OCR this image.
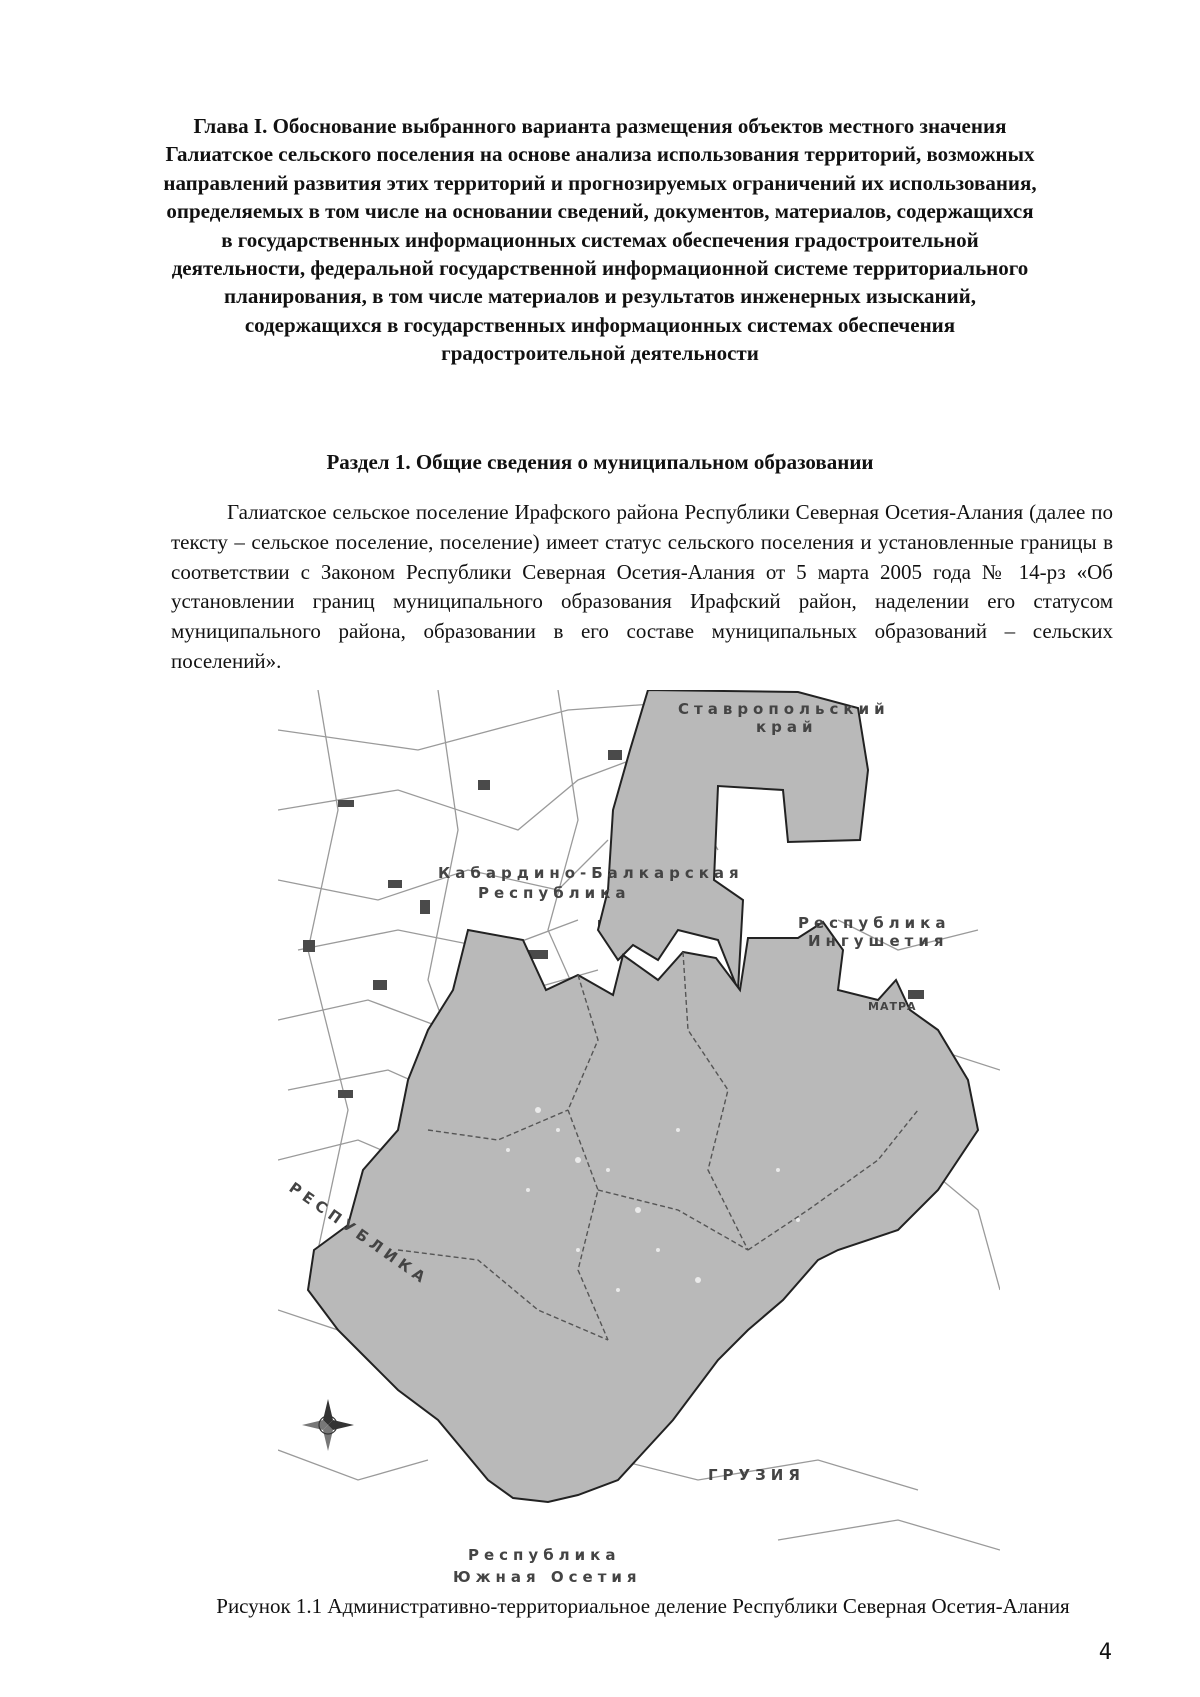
Глава I. Обоснование выбранного варианта размещения объектов местного значения Галиатское сельского поселения на основе анализа использования территорий, возможных направлений развития этих территорий и прогнозируемых ограничений их использования, определяемых в том числе на основании сведений, документов, материалов, содержащихся в государственных информационных системах обеспечения градостроительной деятельности, федеральной государственной информационной системе территориального планирования, в том числе материалов и результатов инженерных изысканий, содержащихся в государственных информационных системах обеспечения градостроительной деятельности
Раздел 1. Общие сведения о муниципальном образовании
Галиатское сельское поселение Ирафского района Республики Северная Осетия-Алания (далее по тексту – сельское поселение, поселение) имеет статус сельского поселения и установленные границы в соответствии с Законом Республики Северная Осетия-Алания от 5 марта 2005 года № 14-рз «Об установлении границ муниципального образования Ирафский район, наделении его статусом муниципального района, образовании в его составе муниципальных образований – сельских поселений».
Ставропольский
край
Кабардино-Балкарская
Республика
Республика
Ингушетия
МАТРА
РЕСПУБЛИКА
ГРУЗИЯ
Республика
Южная Осетия
Рисунок 1.1 Административно-территориальное деление Республики Северная Осетия-Алания
4
